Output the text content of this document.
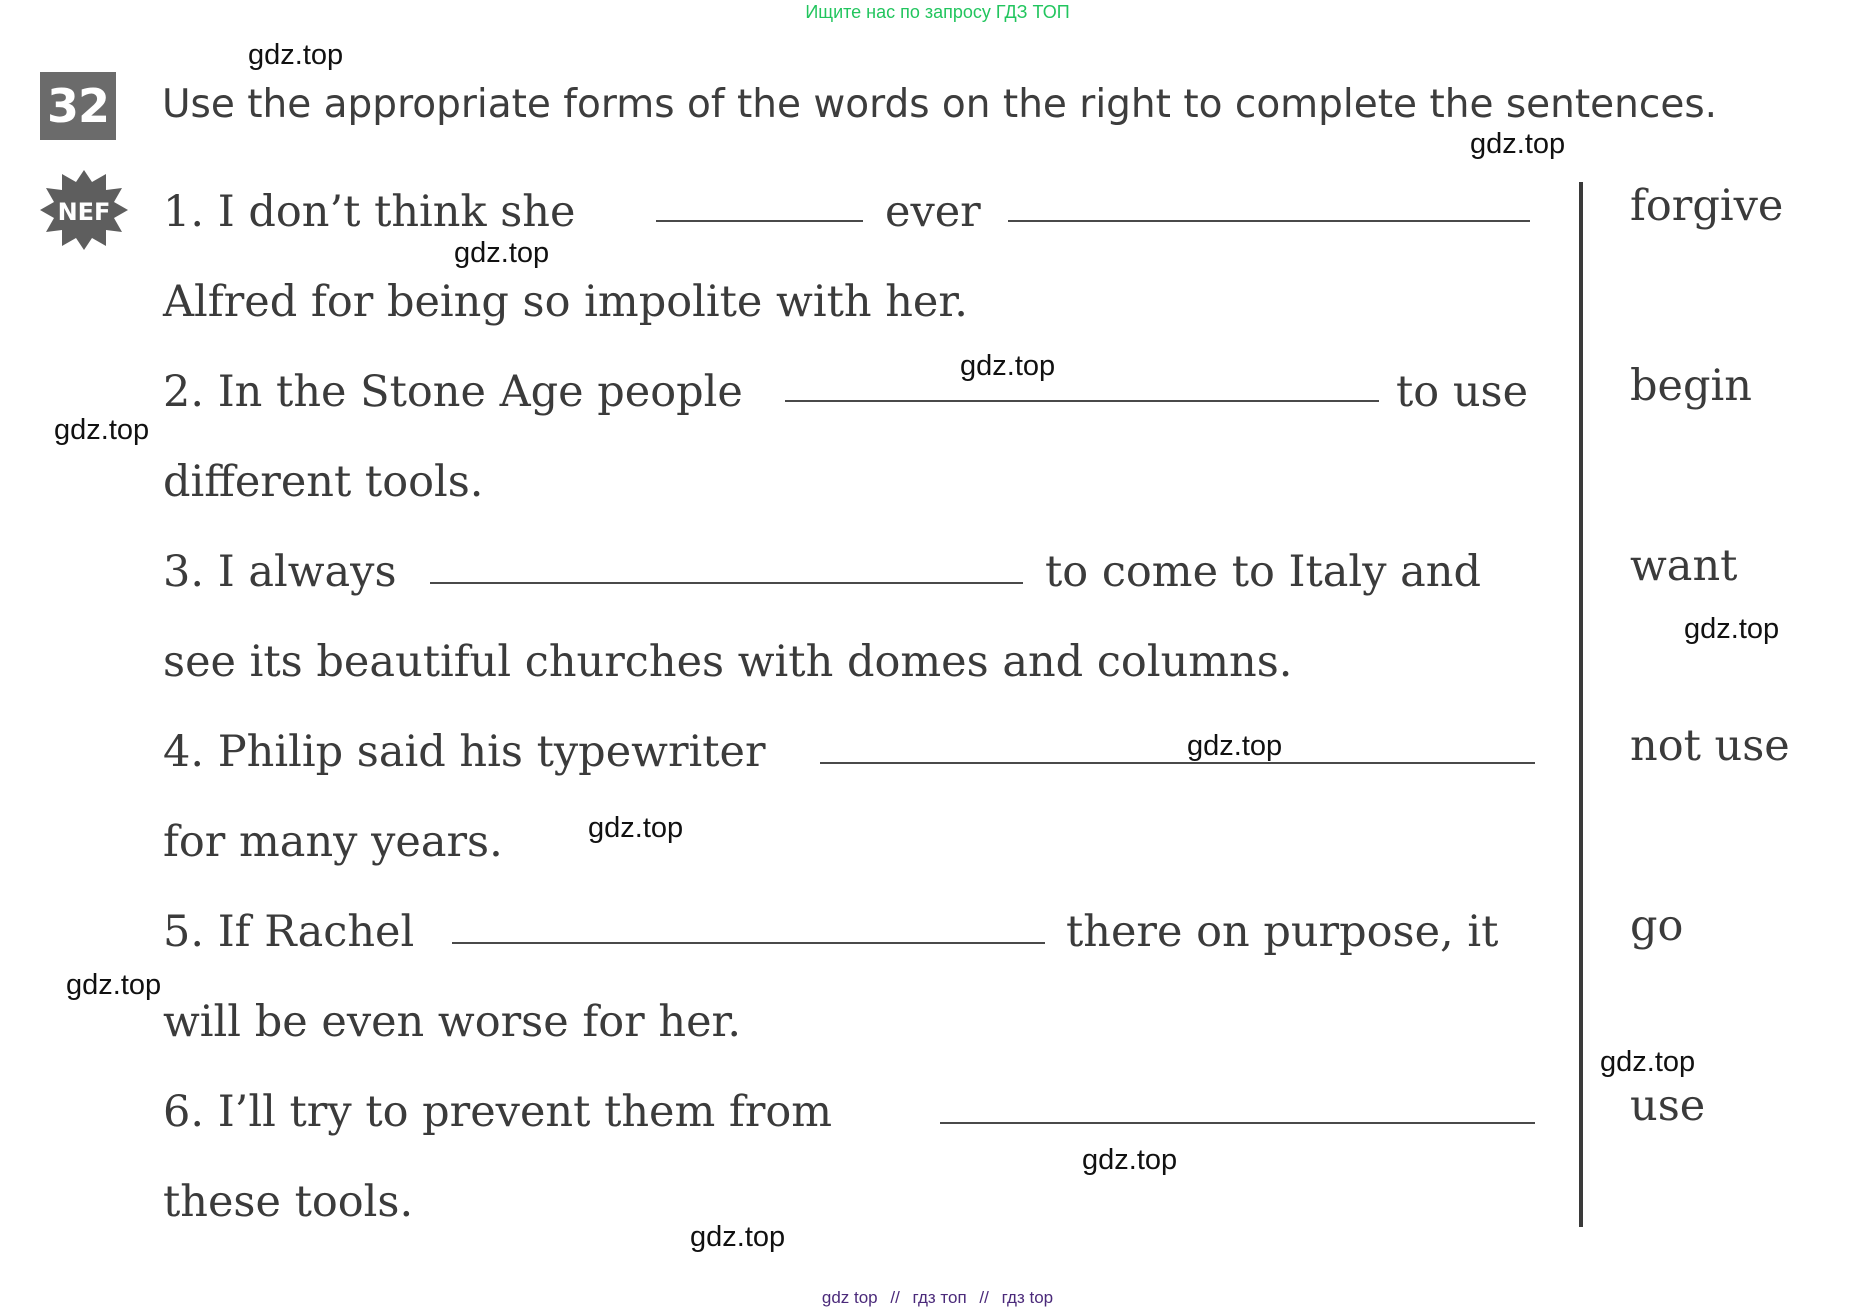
Ищите нас по запросу ГДЗ ТОП
32
NEF
Use the appropriate forms of the words on the right to complete the sentences.
1. I don’t think she	ever
Alfred for being so impolite with her.
2. In the Stone Age people	to use
different tools.
3. I always	to come to Italy and
see its beautiful churches with domes and columns.
4. Philip said his typewriter
for many years.
5. If Rachel	there on purpose, it
will be even worse for her.
6. I’ll try to prevent them from
these tools.
forgive
begin
want
not use
go
use
gdz.top
gdz.top
gdz.top
gdz.top
gdz.top
gdz.top
gdz.top
gdz.top
gdz.top
gdz.top
gdz.top
gdz.top
gdz top // гдз топ // гдз top
